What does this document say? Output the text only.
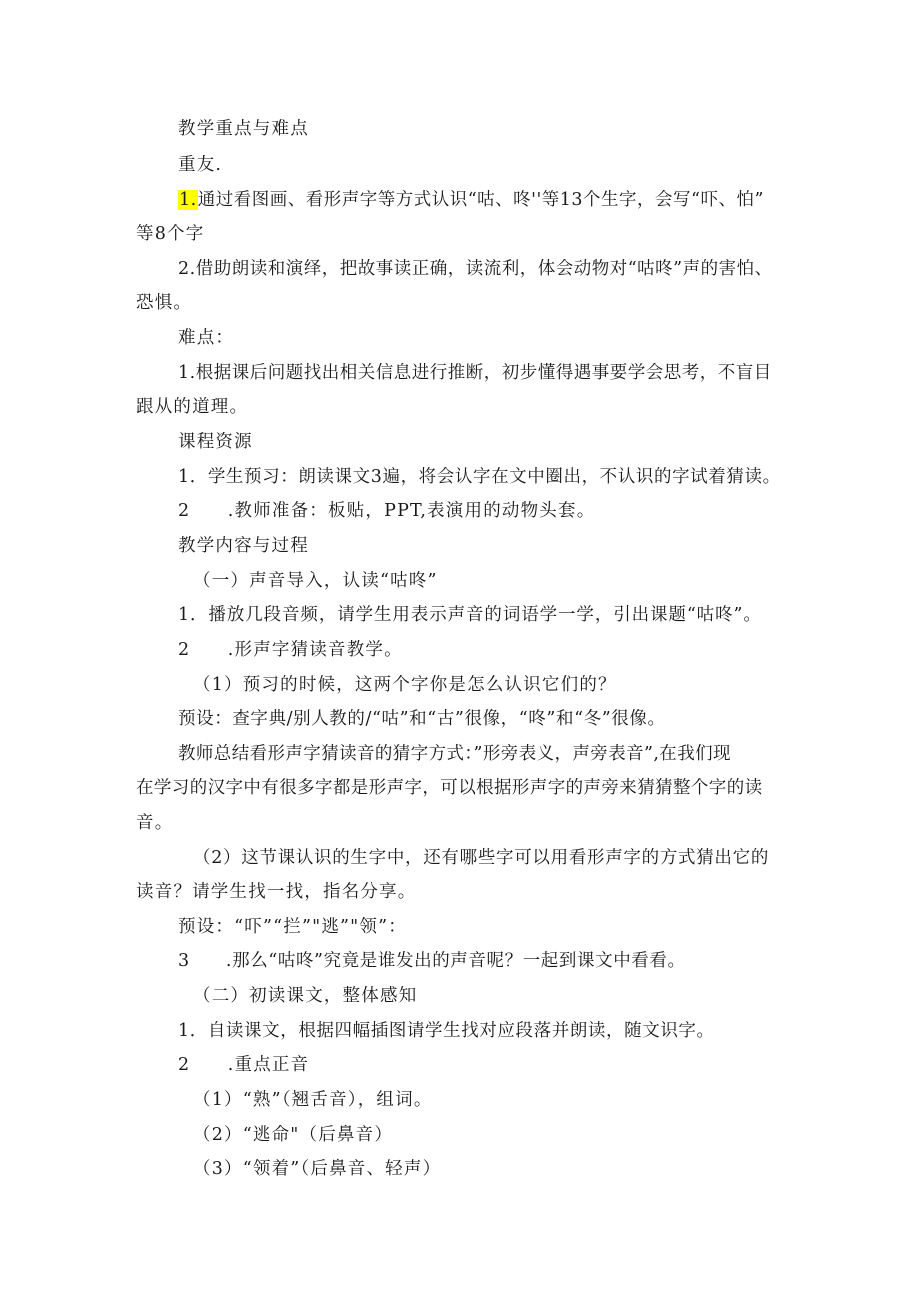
教学重点与难点
重友.
1.通过看图画、看形声字等方式认识“咕、咚''等13个生字，会写“吓、怕”
等8个字
2.借助朗读和演绎，把故事读正确，读流利，体会动物对“咕咚”声的害怕、
恐惧。
难点：
1.根据课后问题找出相关信息进行推断，初步懂得遇事要学会思考，不盲目
跟从的道理。
课程资源
1．学生预习：朗读课文3遍，将会认字在文中圈出，不认识的字试着猜读。
2　　.教师准备：板贴，PPT,表演用的动物头套。
教学内容与过程
（一）声音导入，认读“咕咚”
1．播放几段音频，请学生用表示声音的词语学一学，引出课题“咕咚”。
2　　.形声字猜读音教学。
（1）预习的时候，这两个字你是怎么认识它们的？
预设：查字典/别人教的/“咕”和“古”很像，“咚”和“冬”很像。
教师总结看形声字猜读音的猜字方式：”形旁表义，声旁表音”,在我们现
在学习的汉字中有很多字都是形声字，可以根据形声字的声旁来猜猜整个字的读
音。
（2）这节课认识的生字中，还有哪些字可以用看形声字的方式猜出它的
读音？请学生找一找，指名分享。
预设：“吓”“拦”"逃”"领”：
3　　.那么“咕咚”究竟是谁发出的声音呢？一起到课文中看看。
（二）初读课文，整体感知
1．自读课文，根据四幅插图请学生找对应段落并朗读，随文识字。
2　　.重点正音
（1）“熟”（翘舌音），组词。
（2）“逃命"（后鼻音）
（3）“领着”（后鼻音、轻声）
